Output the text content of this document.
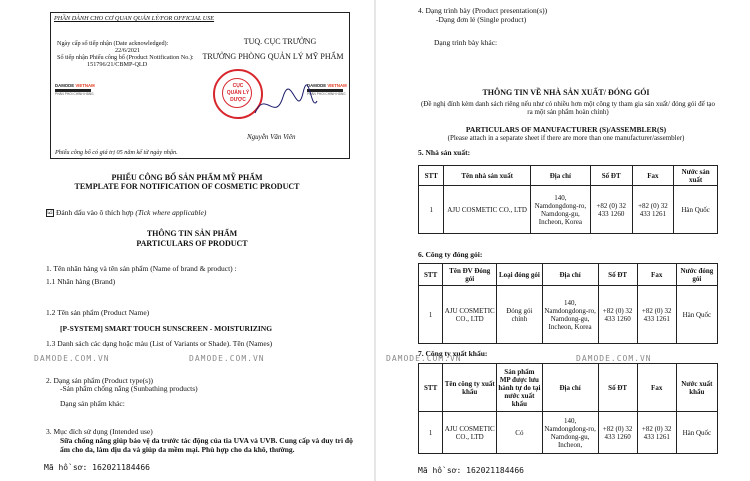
PHẦN DÀNH CHO CƠ QUAN QUẢN LÝ/FOR OFFICIAL USE
Ngày cấp số tiếp nhận (Date acknowledged):
22/6/2021
Số tiếp nhận Phiếu công bố (Product Notification No.):
151796/21/CBMP-QLD
TUQ. CỤC TRƯỞNG
TRƯỞNG PHÒNG QUẢN LÝ MỸ PHẨM
DAMODE VIETNAM
PHÂN PHỐI CHÍNH HÃNG
DAMODE VIETNAM
PHÂN PHỐI CHÍNH HÃNG
CỤC
QUẢN LÝ
DƯỢC
Nguyễn Văn Viên
Phiếu công bố có giá trị 05 năm kể từ ngày nhận.
PHIẾU CÔNG BỐ SẢN PHẨM MỸ PHẨM
TEMPLATE FOR NOTIFICATION OF COSMETIC PRODUCT
☑ Đánh dấu vào ô thích hợp (Tick where applicable)
THÔNG TIN SẢN PHẨM
PARTICULARS OF PRODUCT
1. Tên nhãn hàng và tên sản phẩm (Name of brand & product) :
1.1 Nhãn hàng (Brand)
1.2 Tên sản phẩm (Product Name)
[P-SYSTEM] SMART TOUCH SUNSCREEN - MOISTURIZING
1.3 Danh sách các dạng hoặc màu (List of Variants or Shade). Tên (Names)
2. Dạng sản phẩm (Product type(s))
-Sản phẩm chống nắng (Sunbathing products)
Dạng sản phẩm khác:
3. Mục đích sử dụng (Intended use)
Sữa chống nắng giúp bảo vệ da trước tác động của tia UVA và UVB. Cung cấp và duy trì độ ẩm cho da, làm dịu da và giúp da mềm mại. Phù hợp cho da khô, thường.
Mã hồ sơ: 162021184466
4. Dạng trình bày (Product presentation(s))
-Dạng đơn lẻ (Single product)
Dạng trình bày khác:
THÔNG TIN VỀ NHÀ SẢN XUẤT/ ĐÓNG GÓI
(Đề nghị đính kèm danh sách riêng nếu như có nhiều hơn một công ty tham gia sản xuất/ đóng gói để tạo ra một sản phẩm hoàn chỉnh)
PARTICULARS OF MANUFACTURER (S)/ASSEMBLER(S)
(Please attach in a separate sheet if there are more than one manufacturer/assembler)
5. Nhà sản xuất:
STT	Tên nhà sản xuất	Địa chỉ	Số ĐT	Fax	Nước sản xuất
1	AJU COSMETIC CO., LTD	140, Namdongdong-ro, Namdong-gu, Incheon, Korea	+82 (0) 32 433 1260	+82 (0) 32 433 1261	Hàn Quốc
6. Công ty đóng gói:
STT	Tên ĐV Đóng gói	Loại đóng gói	Địa chỉ	Số ĐT	Fax	Nước đóng gói
1	AJU COSMETIC CO., LTD	Đóng gói chính	140, Namdongdong-ro, Namdong-gu, Incheon, Korea	+82 (0) 32 433 1260	+82 (0) 32 433 1261	Hàn Quốc
7. Công ty xuất khẩu:
STT	Tên công ty xuất khẩu	Sản phẩm MP được lưu hành tự do tại nước xuất khẩu	Địa chỉ	Số ĐT	Fax	Nước xuất khẩu
1	AJU COSMETIC CO., LTD	Có	140, Namdongdong-ro, Namdong-gu, Incheon,	+82 (0) 32 433 1260	+82 (0) 32 433 1261	Hàn Quốc
Mã hồ sơ: 162021184466
DAMODE.COM.VN	DAMODE.COM.VN	DAMODE.COM.VN	DAMODE.COM.VN
